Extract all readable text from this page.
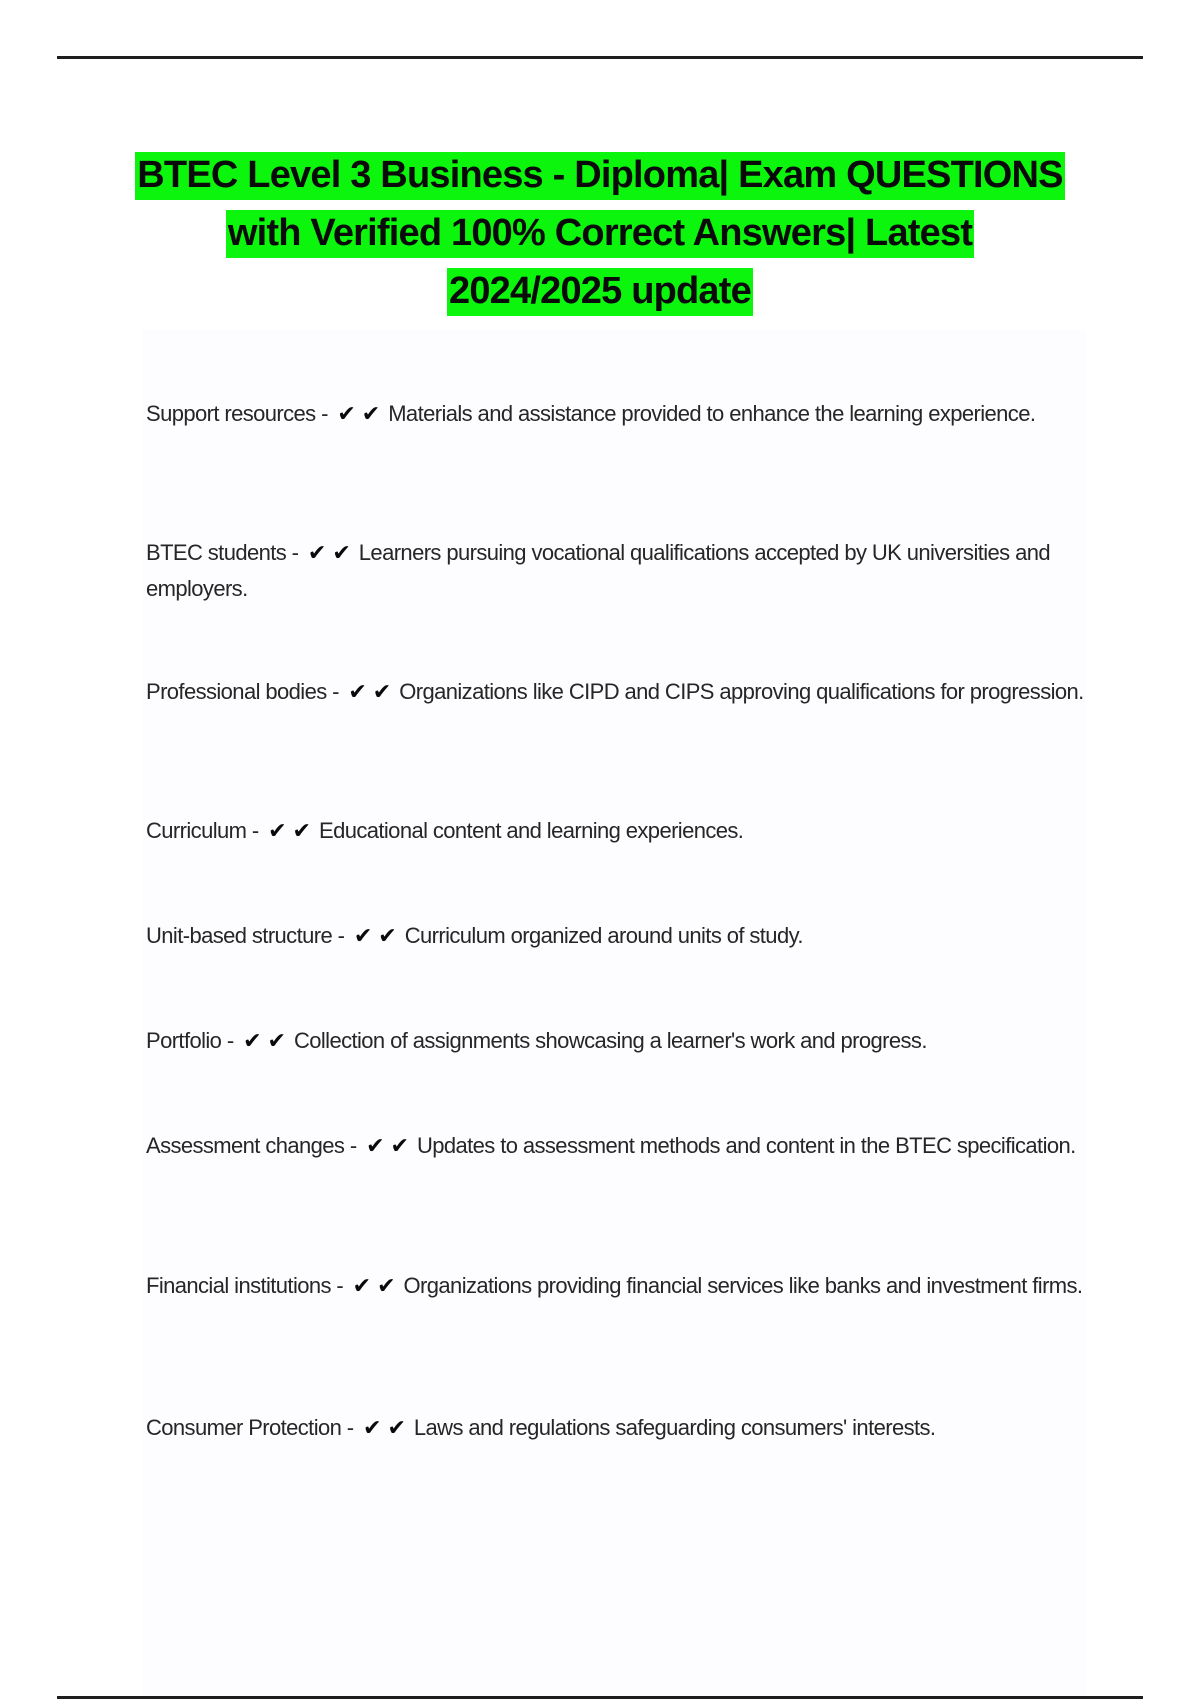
BTEC Level 3 Business - Diploma| Exam QUESTIONS
with Verified 100% Correct Answers| Latest
2024/2025 update
Support resources - ✔✔Materials and assistance provided to enhance the learning experience.
BTEC students - ✔✔Learners pursuing vocational qualifications accepted by UK universities and employers.
Professional bodies - ✔✔Organizations like CIPD and CIPS approving qualifications for progression.
Curriculum - ✔✔Educational content and learning experiences.
Unit-based structure - ✔✔Curriculum organized around units of study.
Portfolio - ✔✔Collection of assignments showcasing a learner's work and progress.
Assessment changes - ✔✔Updates to assessment methods and content in the BTEC specification.
Financial institutions - ✔✔Organizations providing financial services like banks and investment firms.
Consumer Protection - ✔✔Laws and regulations safeguarding consumers' interests.
